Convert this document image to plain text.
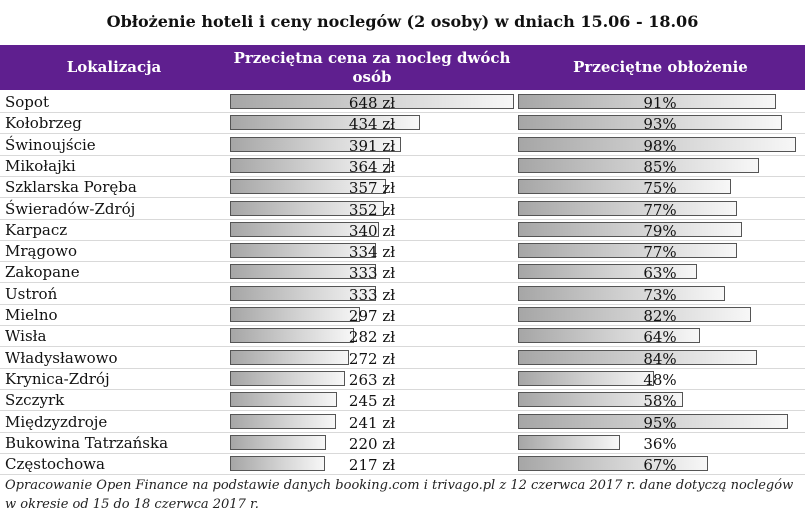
Obłożenie hoteli i ceny noclegów (2 osoby) w dniach 15.06 - 18.06
Lokalizacja
Przeciętna cena za nocleg dwóch osób
Przeciętne obłożenie
Sopot	648 zł	91%
Kołobrzeg	434 zł	93%
Świnoujście	391 zł	98%
Mikołajki	364 zł	85%
Szklarska Poręba	357 zł	75%
Świeradów-Zdrój	352 zł	77%
Karpacz	340 zł	79%
Mrągowo	334 zł	77%
Zakopane	333 zł	63%
Ustroń	333 zł	73%
Mielno	297 zł	82%
Wisła	282 zł	64%
Władysławowo	272 zł	84%
Krynica-Zdrój	263 zł	48%
Szczyrk	245 zł	58%
Międzyzdroje	241 zł	95%
Bukowina Tatrzańska	220 zł	36%
Częstochowa	217 zł	67%
Opracowanie Open Finance na podstawie danych booking.com i trivago.pl z 12 czerwca 2017 r. dane dotyczą noclegów w okresie od 15 do 18 czerwca 2017 r.
